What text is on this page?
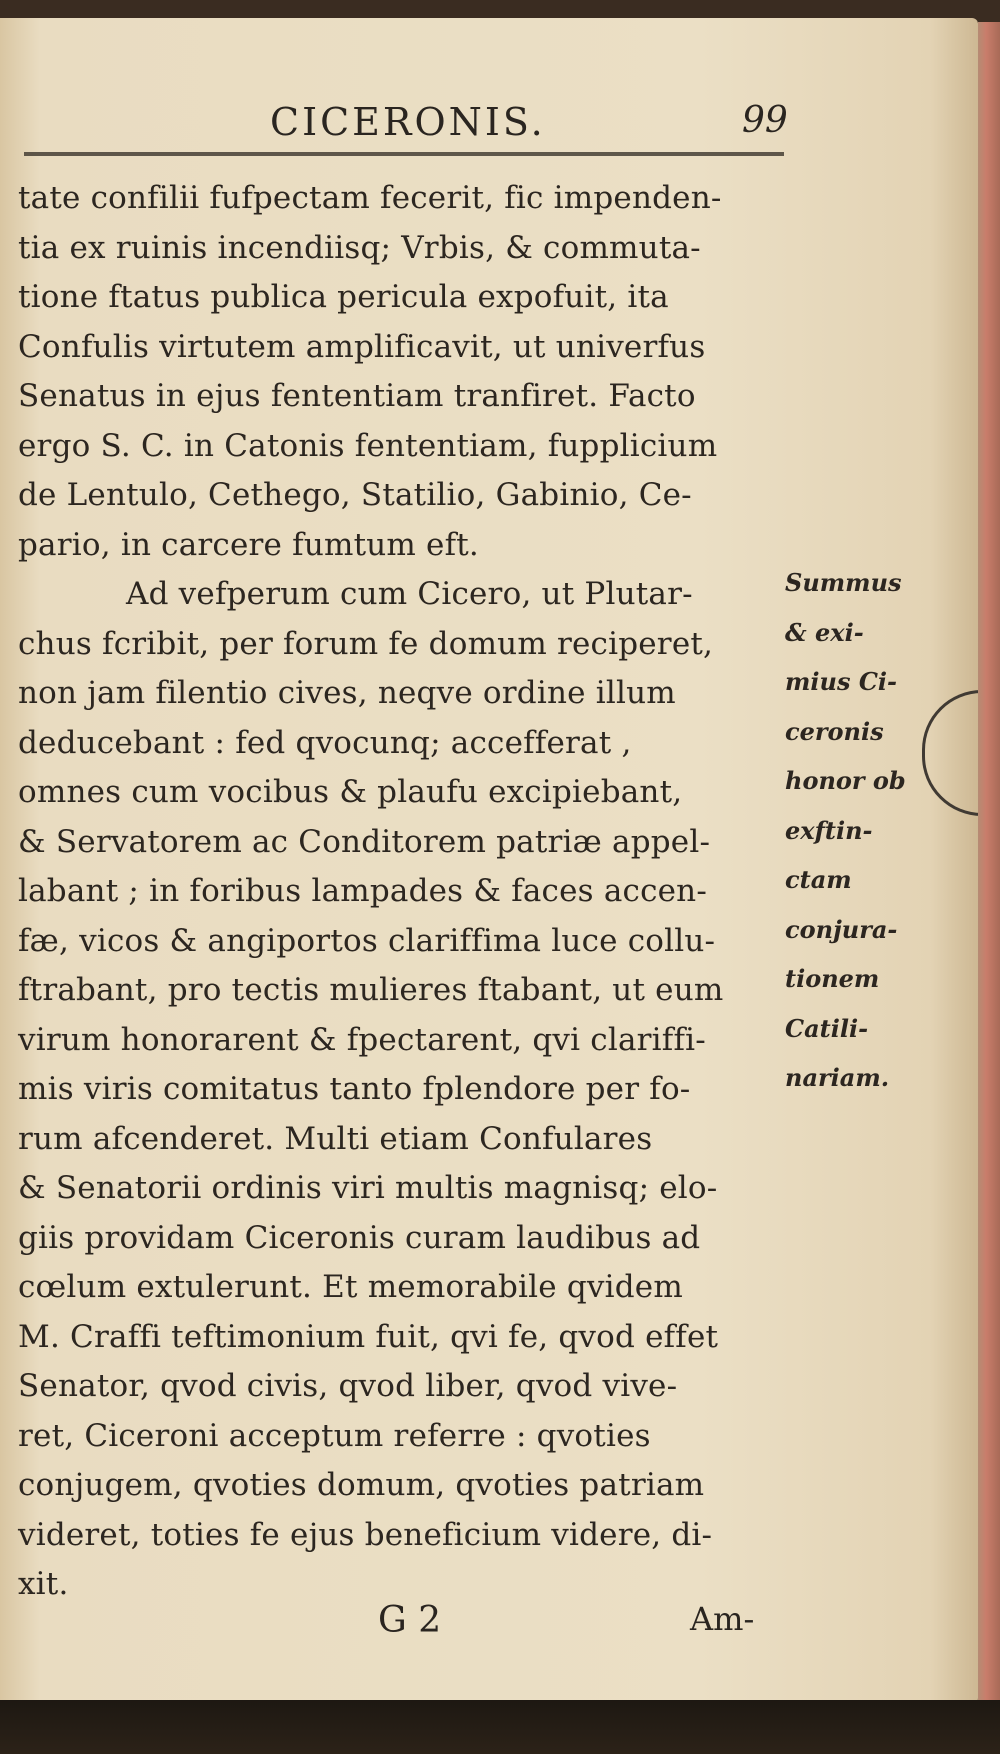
CICERONIS.	99
tate confilii fufpectam fecerit, fic impenden-
tia ex ruinis incendiisq; Vrbis, & commuta-
tione ftatus publica pericula expofuit, ita
Confulis virtutem amplificavit, ut univerfus
Senatus in ejus fententiam tranfiret. Facto
ergo S. C. in Catonis fententiam, fupplicium
de Lentulo, Cethego, Statilio, Gabinio, Ce-
pario, in carcere fumtum eft.
Ad vefperum cum Cicero, ut Plutar-
chus fcribit, per forum fe domum reciperet,
non jam filentio cives, neqve ordine illum
deducebant : fed qvocunq; accefferat ,
omnes cum vocibus & plaufu excipiebant,
& Servatorem ac Conditorem patriæ appel-
labant ; in foribus lampades & faces accen-
fæ, vicos & angiportos clariffima luce collu-
ftrabant, pro tectis mulieres ftabant, ut eum
virum honorarent & fpectarent, qvi clariffi-
mis viris comitatus tanto fplendore per fo-
rum afcenderet. Multi etiam Confulares
& Senatorii ordinis viri multis magnisq; elo-
giis providam Ciceronis curam laudibus ad
cœlum extulerunt. Et memorabile qvidem
M. Craffi teftimonium fuit, qvi fe, qvod effet
Senator, qvod civis, qvod liber, qvod vive-
ret, Ciceroni acceptum referre : qvoties
conjugem, qvoties domum, qvoties patriam
videret, toties fe ejus beneficium videre, di-
xit.
Summus
& exi-
mius Ci-
ceronis
honor ob
exftin-
ctam
conjura-
tionem
Catili-
nariam.
G 2	Am-
